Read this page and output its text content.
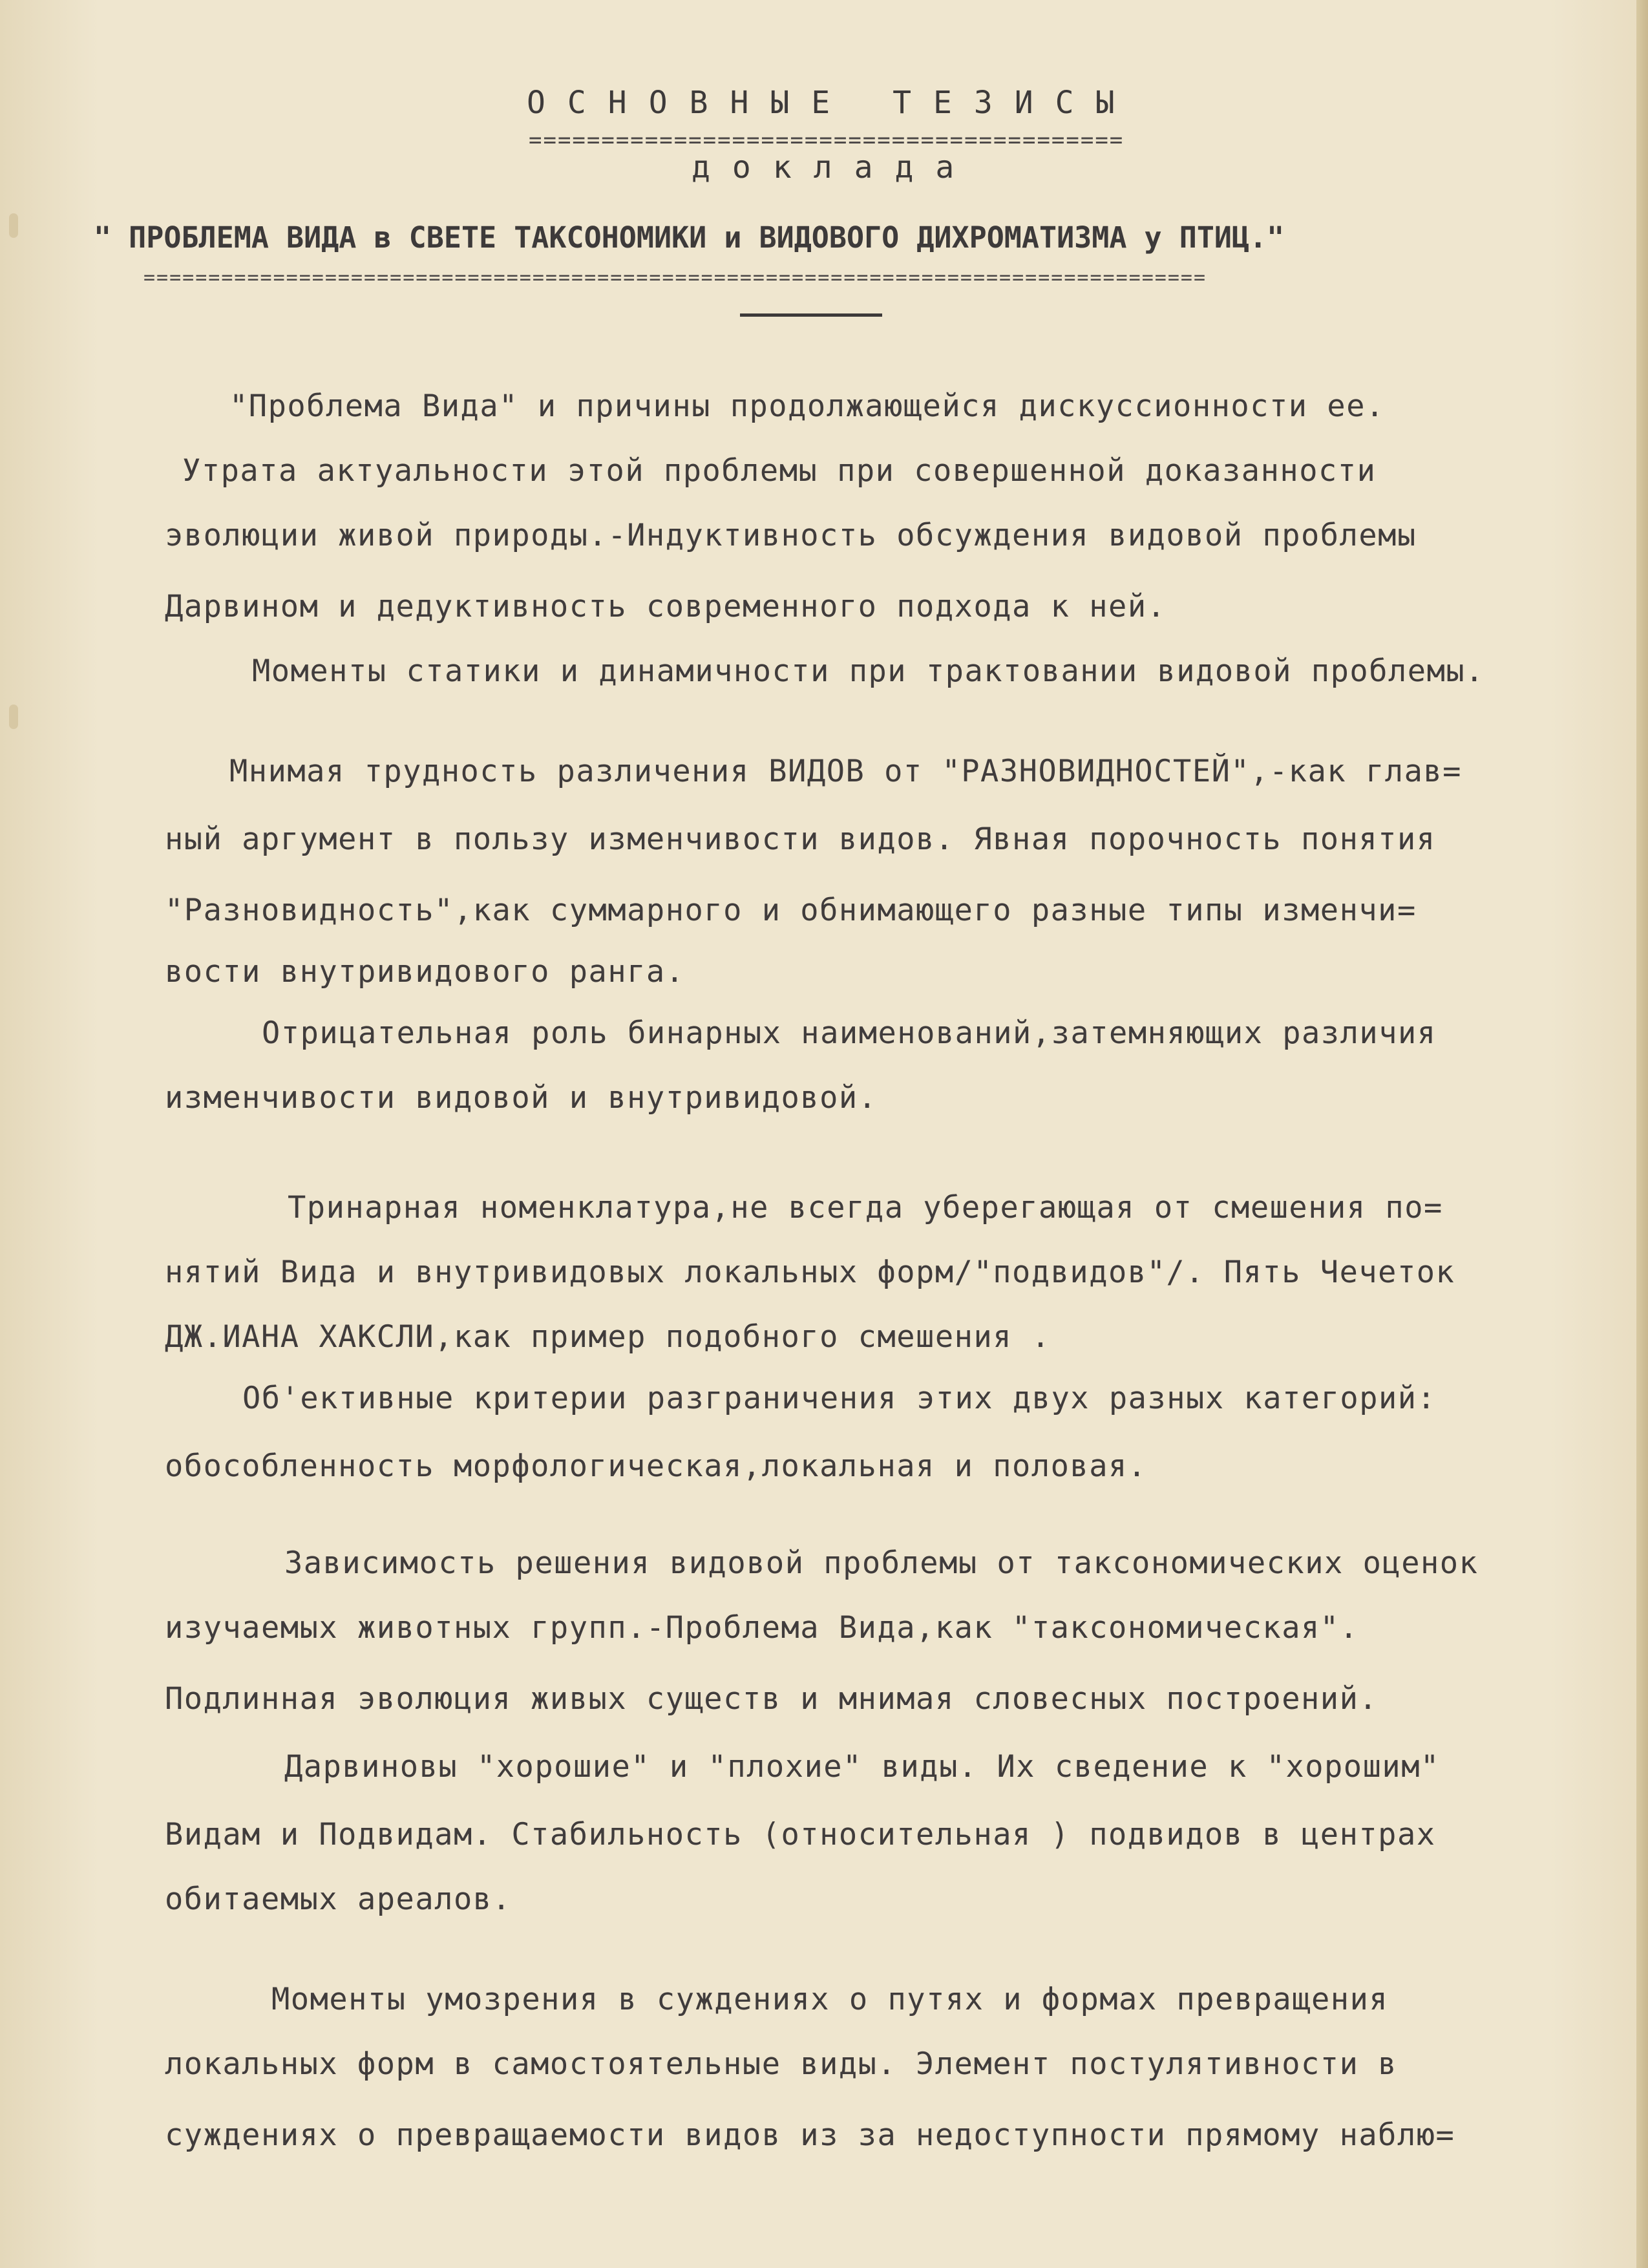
ОСНОВНЫЕ ТЕЗИСЫ
=========================================
доклада
" ПРОБЛЕМА ВИДА в СВЕТЕ ТАКСОНОМИКИ и ВИДОВОГО ДИХРОМАТИЗМА у ПТИЦ."
==================================================================================
"Проблема Вида" и причины продолжающейся дискуссионности ее.
Утрата актуальности этой проблемы при совершенной доказанности
эволюции живой природы.-Индуктивность обсуждения видовой проблемы
Дарвином и дедуктивность современного подхода к ней.
Моменты статики и динамичности при трактовании видовой проблемы.
Мнимая трудность различения ВИДОВ от "РАЗНОВИДНОСТЕЙ",-как глав=
ный аргумент в пользу изменчивости видов. Явная порочность понятия
"Разновидность",как суммарного и обнимающего разные типы изменчи=
вости внутривидового ранга.
Отрицательная роль бинарных наименований,затемняющих различия
изменчивости видовой и внутривидовой.
Тринарная номенклатура,не всегда уберегающая от смешения по=
нятий Вида и внутривидовых локальных форм/"подвидов"/. Пять Чечеток
ДЖ.ИАНА ХАКСЛИ,как пример подобного смешения .
Об'ективные критерии разграничения этих двух разных категорий:
обособленность морфологическая,локальная и половая.
Зависимость решения видовой проблемы от таксономических оценок
изучаемых животных групп.-Проблема Вида,как "таксономическая".
Подлинная эволюция живых существ и мнимая словесных построений.
Дарвиновы "хорошие" и "плохие" виды. Их сведение к "хорошим"
Видам и Подвидам. Стабильность (относительная ) подвидов в центрах
обитаемых ареалов.
Моменты умозрения в суждениях о путях и формах превращения
локальных форм в самостоятельные виды. Элемент постулятивности в
суждениях о превращаемости видов из за недоступности прямому наблю=
